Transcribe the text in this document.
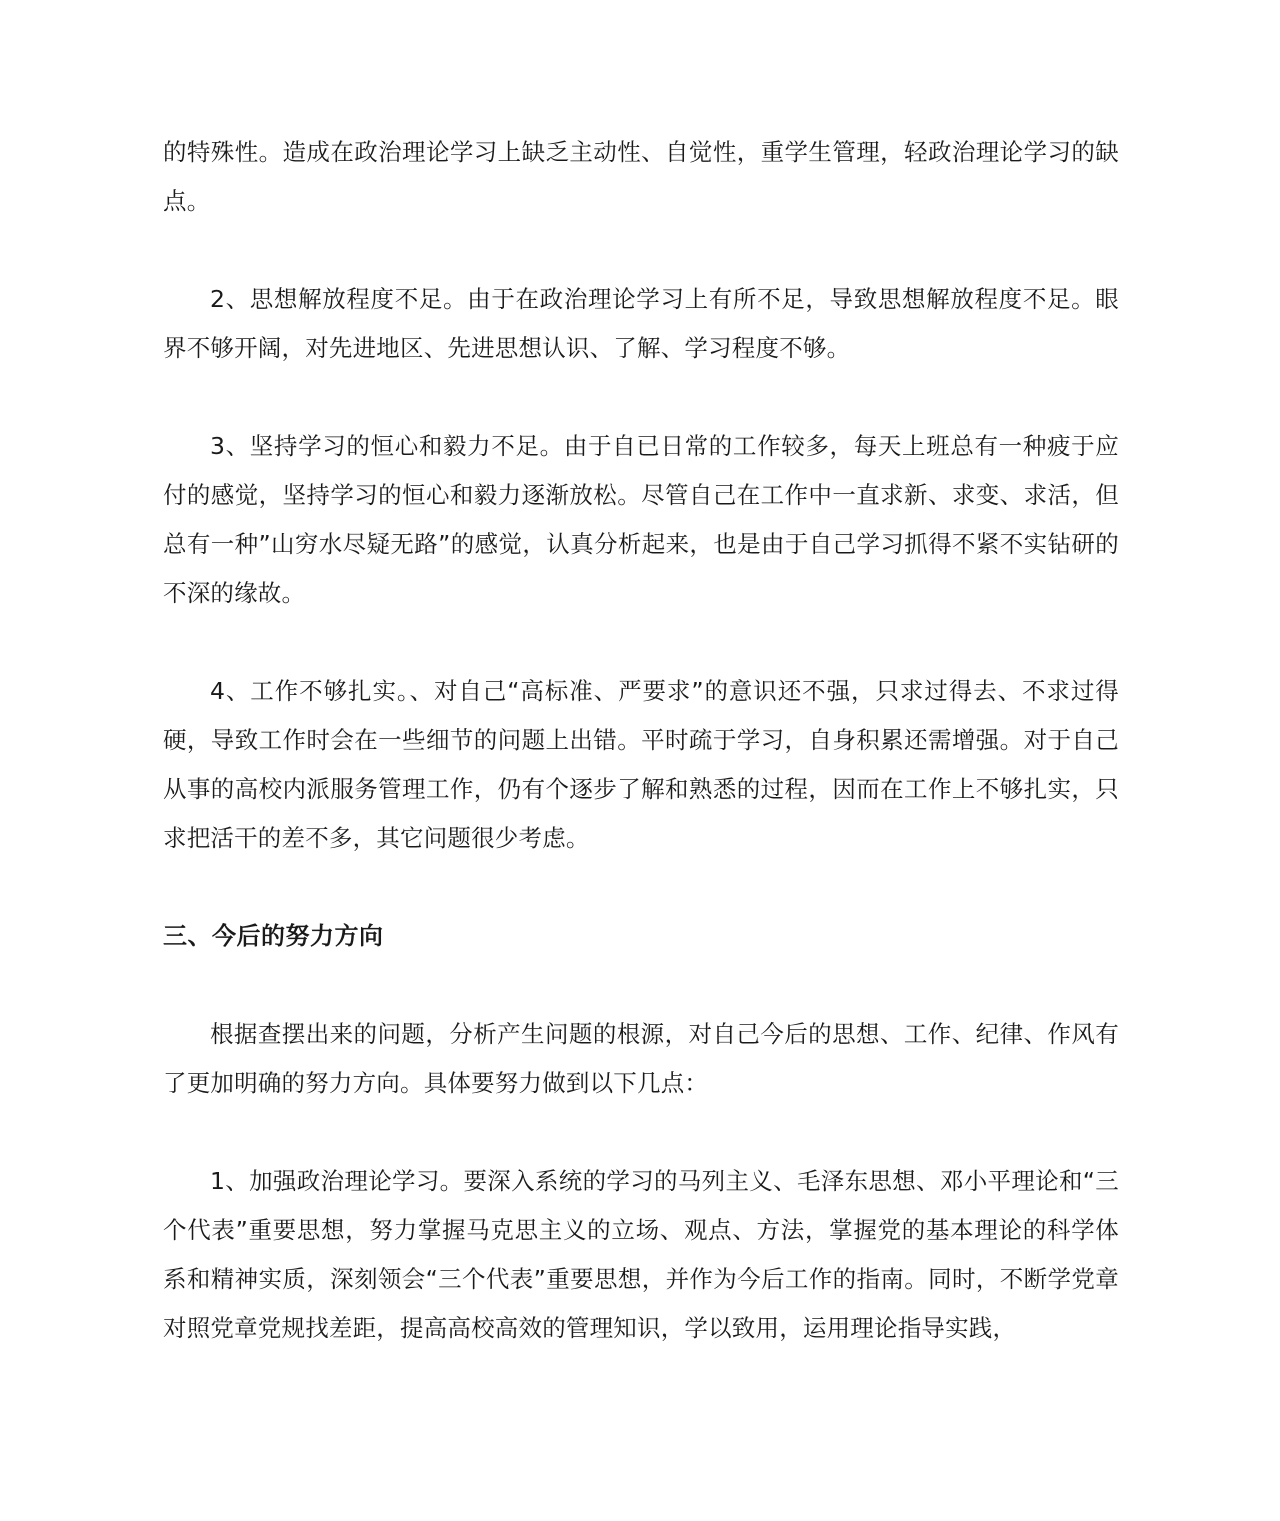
的特殊性。造成在政治理论学习上缺乏主动性、自觉性，重学生管理，轻政治理论学习的缺点。

2、思想解放程度不足。由于在政治理论学习上有所不足，导致思想解放程度不足。眼界不够开阔，对先进地区、先进思想认识、了解、学习程度不够。

3、坚持学习的恒心和毅力不足。由于自已日常的工作较多，每天上班总有一种疲于应付的感觉，坚持学习的恒心和毅力逐渐放松。尽管自己在工作中一直求新、求变、求活，但总有一种”山穷水尽疑无路”的感觉，认真分析起来，也是由于自己学习抓得不紧不实钻研的不深的缘故。

4、工作不够扎实。、对自己“高标准、严要求”的意识还不强，只求过得去、不求过得硬，导致工作时会在一些细节的问题上出错。平时疏于学习，自身积累还需增强。对于自己从事的高校内派服务管理工作，仍有个逐步了解和熟悉的过程，因而在工作上不够扎实，只求把活干的差不多，其它问题很少考虑。

三、今后的努力方向

根据查摆出来的问题，分析产生问题的根源，对自己今后的思想、工作、纪律、作风有了更加明确的努力方向。具体要努力做到以下几点：

1、加强政治理论学习。要深入系统的学习的马列主义、毛泽东思想、邓小平理论和“三个代表”重要思想，努力掌握马克思主义的立场、观点、方法，掌握党的基本理论的科学体系和精神实质，深刻领会“三个代表”重要思想，并作为今后工作的指南。同时，不断学党章对照党章党规找差距，提高高校高效的管理知识，学以致用，运用理论指导实践，
